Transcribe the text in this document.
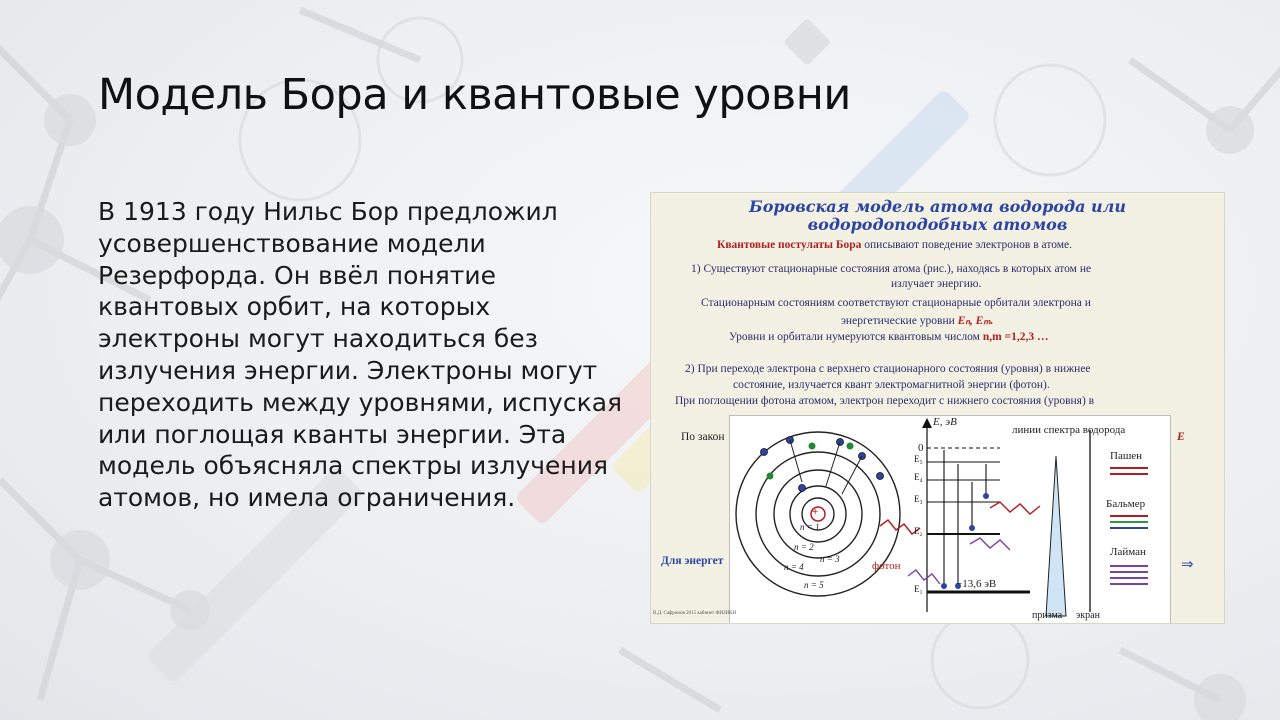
Модель Бора и квантовые уровни

В 1913 году Нильс Бор предложил усовершенствование модели Резерфорда. Он ввёл понятие квантовых орбит, на которых электроны могут находиться без излучения энергии. Электроны могут переходить между уровнями, испуская или поглощая кванты энергии. Эта модель объясняла спектры излучения атомов, но имела ограничения.

Боровская модель атома водорода или
водородоподобных атомов
Квантовые постулаты Бора описывают поведение электронов в атоме.
1) Существуют стационарные состояния атома (рис.), находясь в которых атом не
излучает энергию.
Стационарным состояниям соответствуют стационарные орбитали электрона и
энергетические уровни Eₙ, Eₘ.
Уровни и орбитали нумеруются квантовым числом n,m =1,2,3 …
2) При переходе электрона с верхнего стационарного состояния (уровня) в нижнее
состояние, излучается квант электромагнитной энергии (фотон).
При поглощении фотона атомом, электрон переходит с нижнего состояния (уровня) в
По закон
Для энергет
E
⇒
+
E, эВ
0
линии спектра водорода
E₅
E₄
E₃
E₂
E₁	−13,6 эВ
n = 1
n = 2
n = 3
n = 4
n = 5
фотон
призма экран
Пашен
Бальмер
Лайман
В.Д. Сафронов 2015 кабинет ФИЗИКИ
